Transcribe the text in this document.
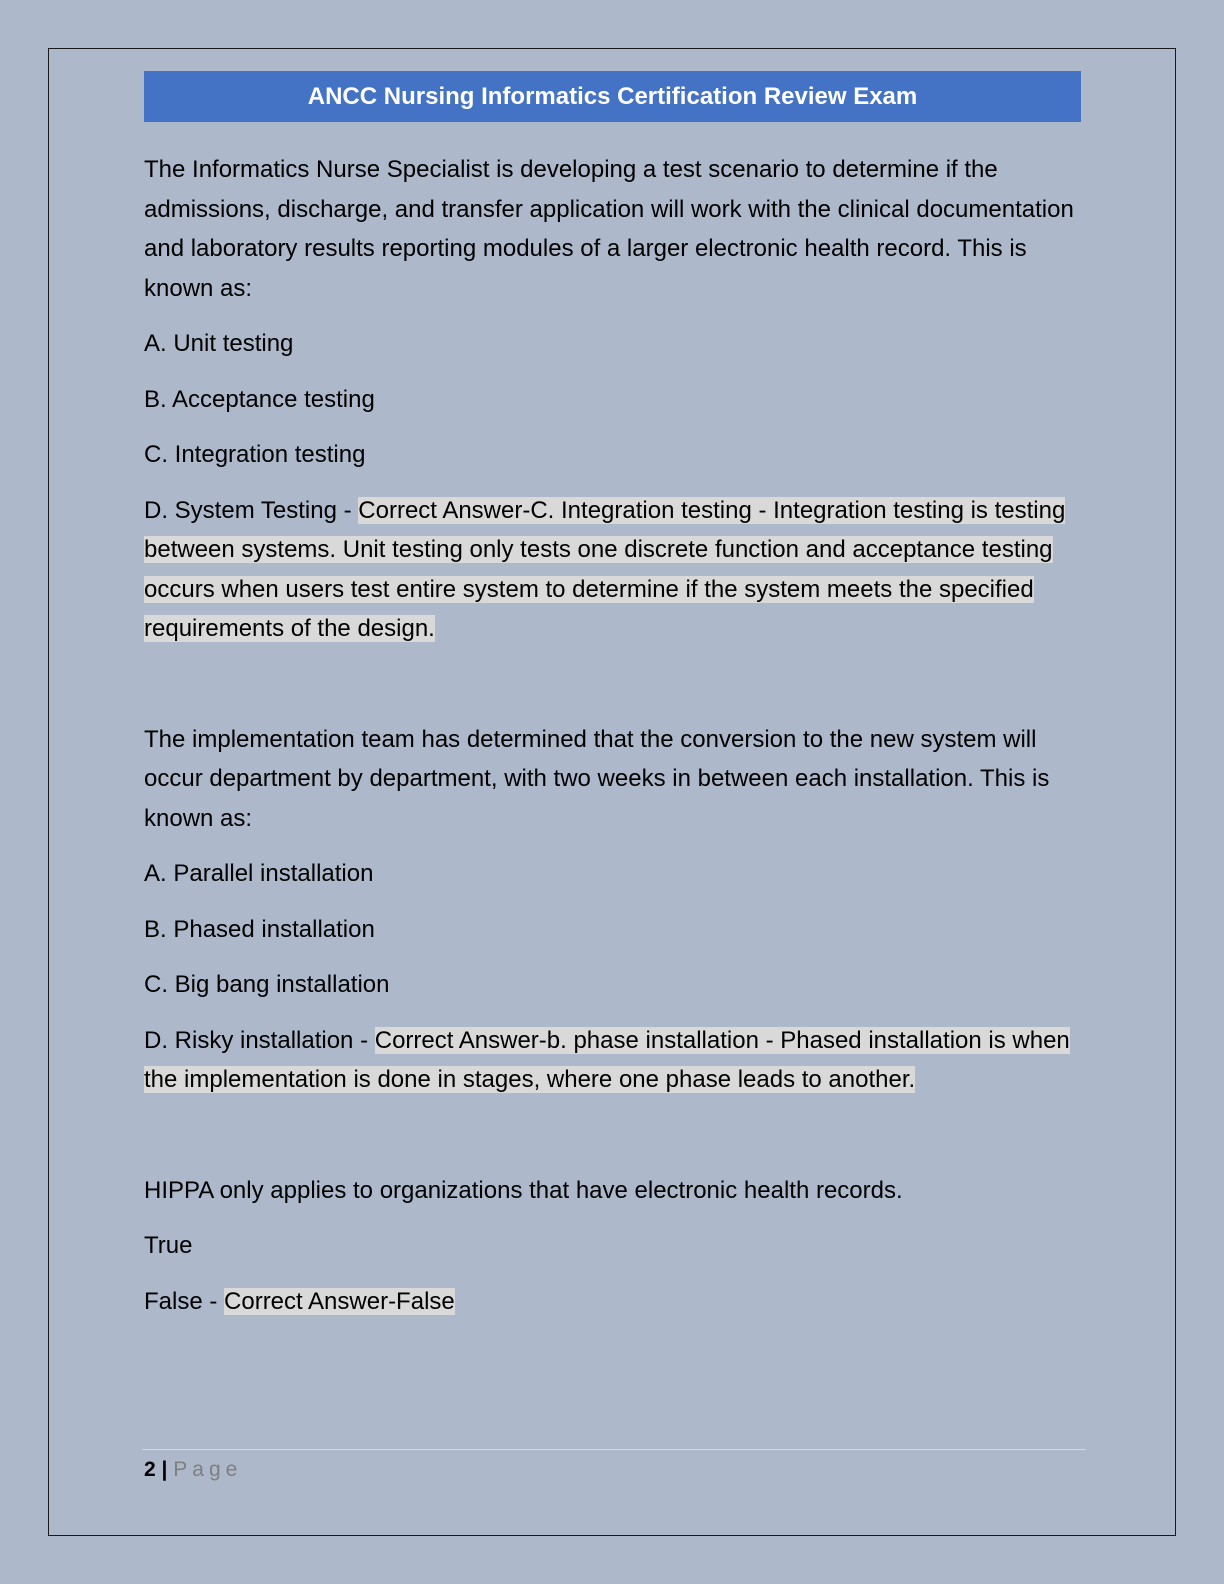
ANCC Nursing Informatics Certification Review Exam

The Informatics Nurse Specialist is developing a test scenario to determine if the admissions, discharge, and transfer application will work with the clinical documentation and laboratory results reporting modules of a larger electronic health record. This is known as:

A. Unit testing

B. Acceptance testing

C. Integration testing

D. System Testing - Correct Answer-C. Integration testing - Integration testing is testing between systems. Unit testing only tests one discrete function and acceptance testing occurs when users test entire system to determine if the system meets the specified requirements of the design.

The implementation team has determined that the conversion to the new system will occur department by department, with two weeks in between each installation. This is known as:

A. Parallel installation

B. Phased installation

C. Big bang installation

D. Risky installation - Correct Answer-b. phase installation - Phased installation is when the implementation is done in stages, where one phase leads to another.

HIPPA only applies to organizations that have electronic health records.

True

False - Correct Answer-False

2 | Page
